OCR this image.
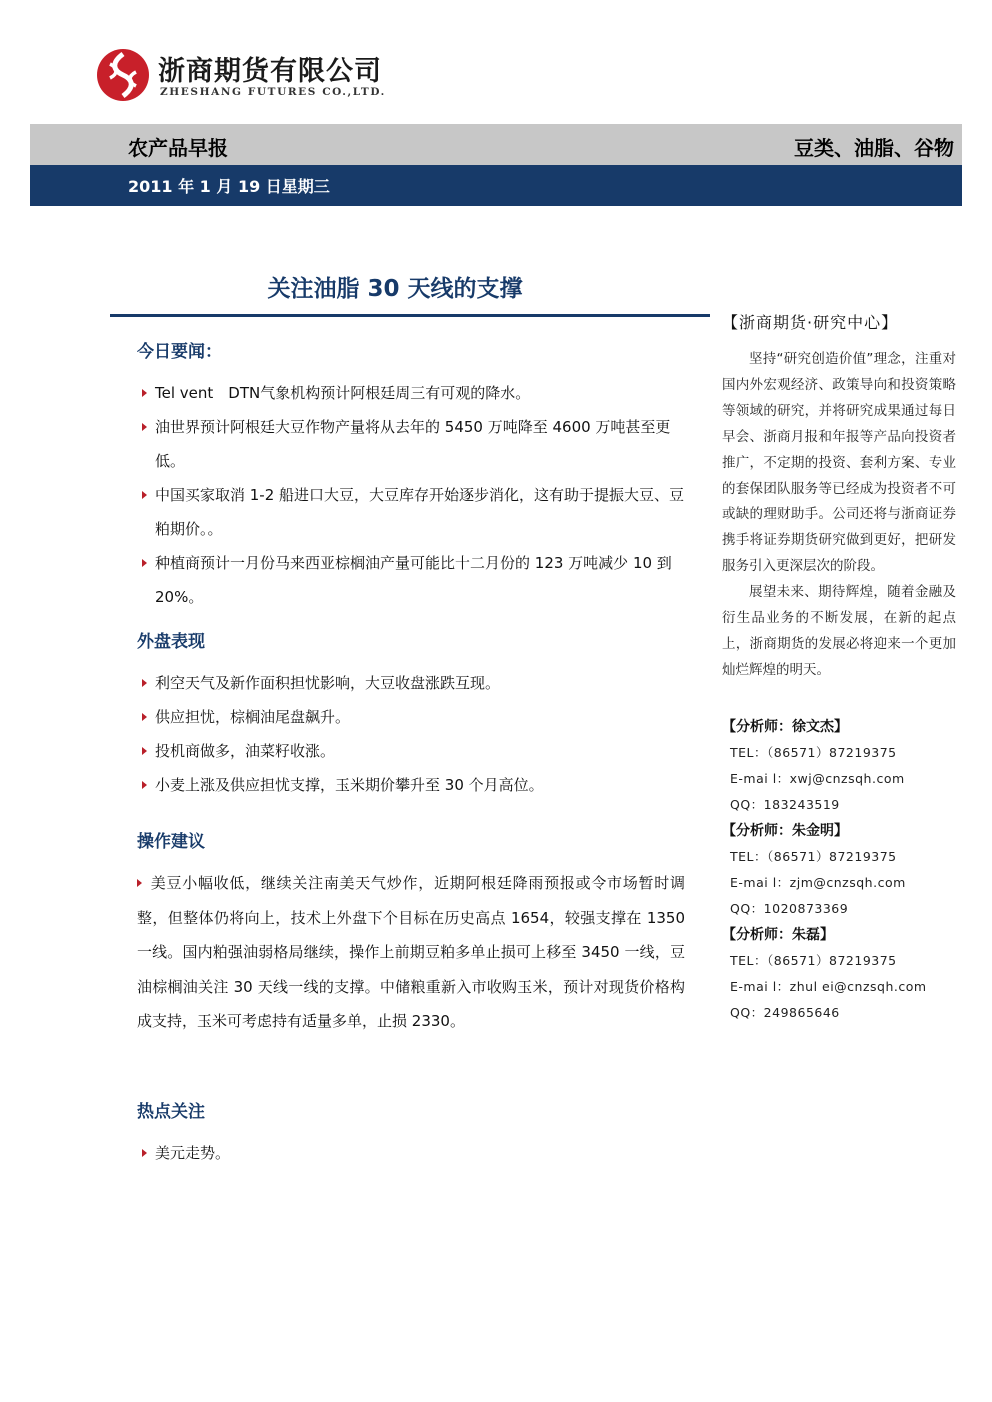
浙商期货有限公司
ZHESHANG FUTURES CO.,LTD.
农产品早报	豆类、油脂、谷物
2011 年 1 月 19 日星期三
关注油脂 30 天线的支撑
今日要闻：
Tel vent　DTN气象机构预计阿根廷周三有可观的降水。
油世界预计阿根廷大豆作物产量将从去年的 5450 万吨降至 4600 万吨甚至更低。
中国买家取消 1-2 船进口大豆，大豆库存开始逐步消化，这有助于提振大豆、豆粕期价。。
种植商预计一月份马来西亚棕榈油产量可能比十二月份的 123 万吨减少 10 到 20%。
外盘表现
利空天气及新作面积担忧影响，大豆收盘涨跌互现。
供应担忧，棕榈油尾盘飙升。
投机商做多，油菜籽收涨。
小麦上涨及供应担忧支撑，玉米期价攀升至 30 个月高位。
操作建议

美豆小幅收低，继续关注南美天气炒作，近期阿根廷降雨预报或令市场暂时调整，但整体仍将向上，技术上外盘下个目标在历史高点 1654，较强支撑在 1350 一线。国内粕强油弱格局继续，操作上前期豆粕多单止损可上移至 3450 一线，豆油棕榈油关注 30 天线一线的支撑。中储粮重新入市收购玉米，预计对现货价格构成支持，玉米可考虑持有适量多单，止损 2330。

热点关注
美元走势。
【浙商期货·研究中心】

坚持“研究创造价值”理念，注重对国内外宏观经济、政策导向和投资策略等领域的研究，并将研究成果通过每日早会、浙商月报和年报等产品向投资者推广，不定期的投资、套利方案、专业的套保团队服务等已经成为投资者不可或缺的理财助手。公司还将与浙商证券携手将证券期货研究做到更好，把研发服务引入更深层次的阶段。

展望未来、期待辉煌，随着金融及衍生品业务的不断发展，在新的起点上，浙商期货的发展必将迎来一个更加灿烂辉煌的明天。

【分析师：徐文杰】
TEL：（86571）87219375
E-mai l：xwj@cnzsqh.com
QQ：183243519
【分析师：朱金明】
TEL：（86571）87219375
E-mai l：zjm@cnzsqh.com
QQ：1020873369
【分析师：朱磊】
TEL：（86571）87219375
E-mai l：zhul ei@cnzsqh.com
QQ：249865646
